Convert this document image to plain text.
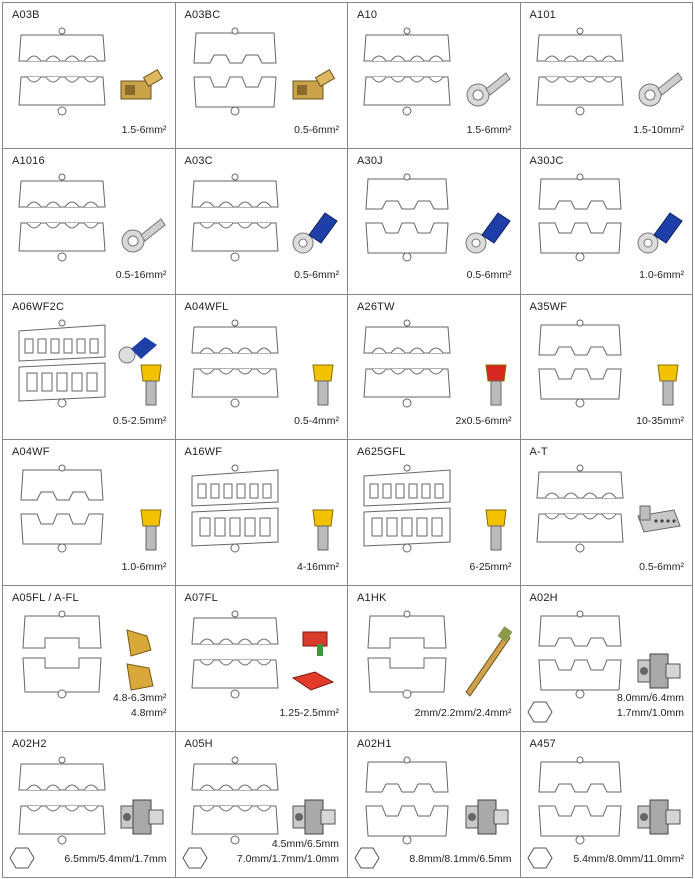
A03B
1.5-6mm²
A03BC
0.5-6mm²
A10
1.5-6mm²
A101
1.5-10mm²
A1016
0.5-16mm²
A03C
0.5-6mm²
A30J
0.5-6mm²
A30JC
1.0-6mm²
A06WF2C
0.5-2.5mm²
A04WFL
0.5-4mm²
A26TW
2x0.5-6mm²
A35WF
10-35mm²
A04WF
1.0-6mm²
A16WF
4-16mm²
A625GFL
6-25mm²
A-T
0.5-6mm²
A05FL / A-FL
4.8-6.3mm²
4.8mm²
A07FL
1.25-2.5mm²
A1HK
2mm/2.2mm/2.4mm²
A02H
8.0mm/6.4mm
1.7mm/1.0mm
A02H2
6.5mm/5.4mm/1.7mm
A05H
4.5mm/6.5mm
7.0mm/1.7mm/1.0mm
A02H1
8.8mm/8.1mm/6.5mm
A457
5.4mm/8.0mm/11.0mm²
